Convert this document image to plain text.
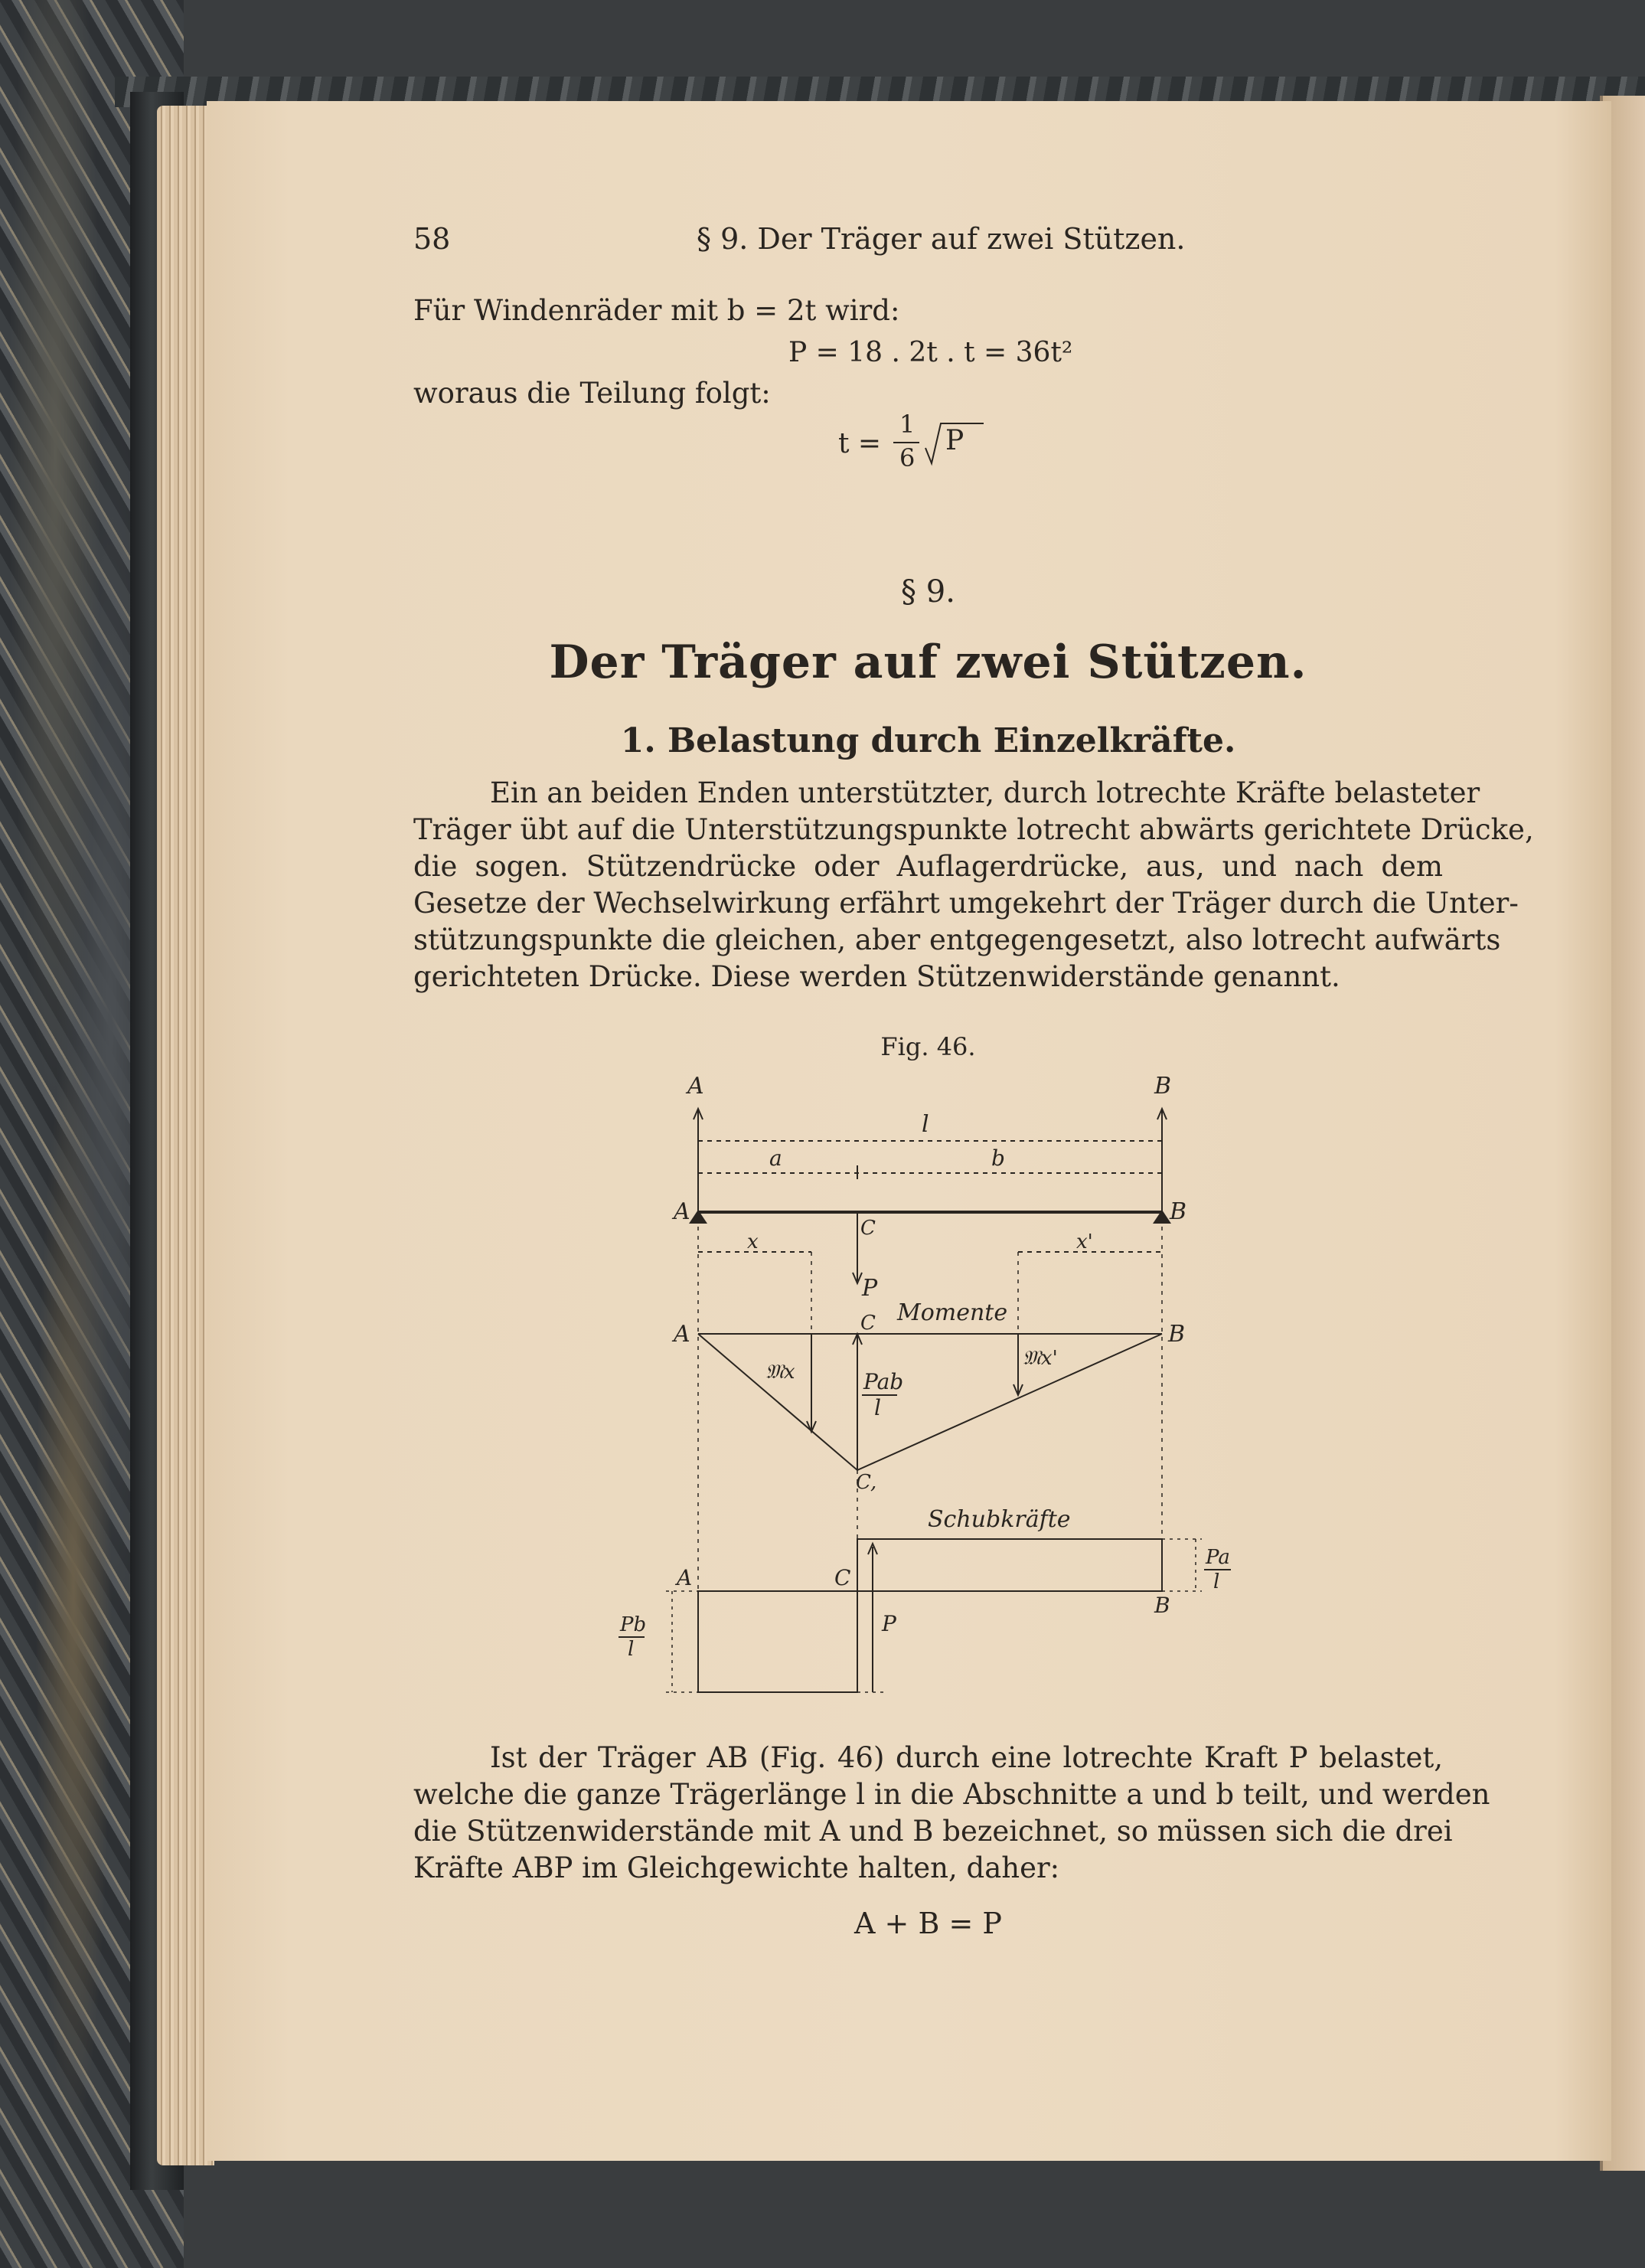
58	§ 9. Der Träger auf zwei Stützen.
Für Windenräder mit b = 2t wird:
P = 18 . 2t . t = 36t²
woraus die Teilung folgt:
t =
1
6
P
§ 9.
Der Träger auf zwei Stützen.
1. Belastung durch Einzelkräfte.
Ein an beiden Enden unterstützter, durch lotrechte Kräfte belasteter
Träger übt auf die Unterstützungspunkte lotrecht abwärts gerichtete Drücke,
die sogen. Stützendrücke oder Auflagerdrücke, aus, und nach dem
Gesetze der Wechselwirkung erfährt umgekehrt der Träger durch die Unter-
stützungspunkte die gleichen, aber entgegengesetzt, also lotrecht aufwärts
gerichteten Drücke. Diese werden Stützenwiderstände genannt.
Fig. 46.
A	B
l
a	b
A	B
C
x	x'
P
A	B
C Momente
𝔐x
𝔐x'
Pab
l
C,
Schubkräfte
A	C
B
P
Pa
l
Pb
l
Ist der Träger AB (Fig. 46) durch eine lotrechte Kraft P belastet,
welche die ganze Trägerlänge l in die Abschnitte a und b teilt, und werden
die Stützenwiderstände mit A und B bezeichnet, so müssen sich die drei
Kräfte ABP im Gleichgewichte halten, daher:
A + B = P
